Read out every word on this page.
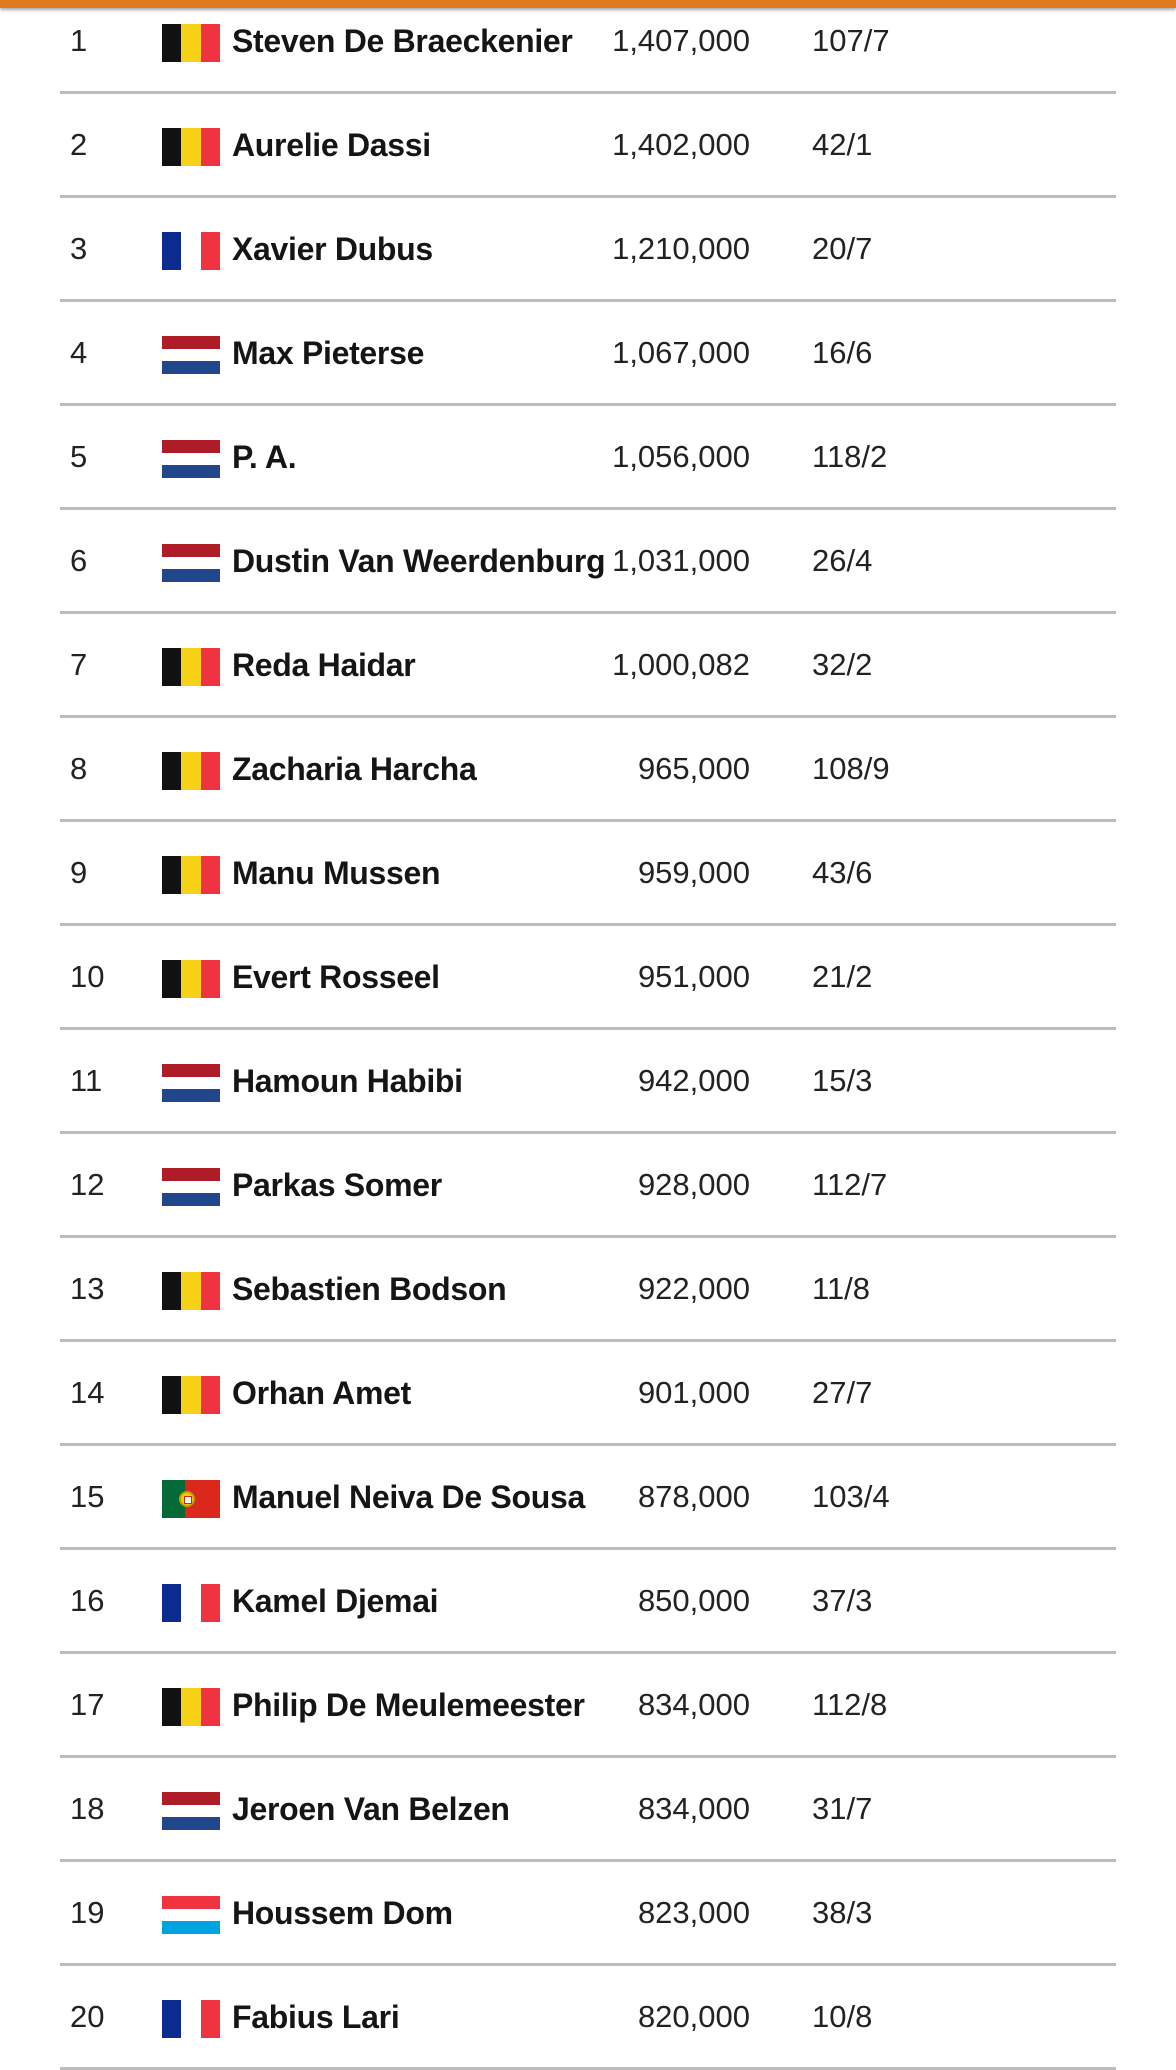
1	Steven De Braeckenier 1,407,000 107/7
2	Aurelie Dassi	1,402,000 42/1
3	Xavier Dubus	1,210,000 20/7
4	Max Pieterse	1,067,000 16/6
5	P. A.	1,056,000 118/2
6	Dustin Van Weerdenburg 1,031,000 26/4
7	Reda Haidar	1,000,082 32/2
8	Zacharia Harcha	965,000 108/9
9	Manu Mussen	959,000 43/6
10	Evert Rosseel	951,000 21/2
11	Hamoun Habibi	942,000 15/3
12	Parkas Somer	928,000 112/7
13	Sebastien Bodson	922,000 11/8
14	Orhan Amet	901,000 27/7
15	Manuel Neiva De Sousa 878,000 103/4
16	Kamel Djemai	850,000 37/3
17	Philip De Meulemeester 834,000 112/8
18	Jeroen Van Belzen	834,000 31/7
19	Houssem Dom	823,000 38/3
20	Fabius Lari	820,000 10/8
